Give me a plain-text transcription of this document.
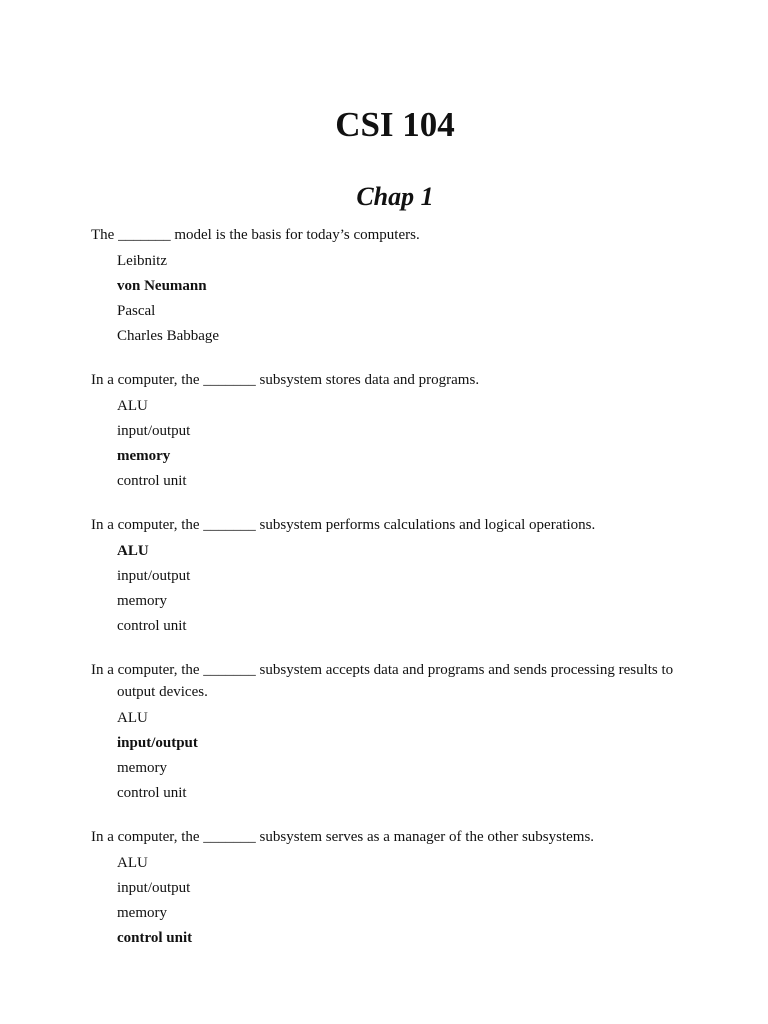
CSI 104
Chap 1

The _______ model is the basis for today’s computers.

Leibnitz
von Neumann
Pascal
Charles Babbage

In a computer, the _______ subsystem stores data and programs.

ALU
input/output
memory
control unit

In a computer, the _______ subsystem performs calculations and logical operations.

ALU
input/output
memory
control unit

In a computer, the _______ subsystem accepts data and programs and sends processing results to output devices.

ALU
input/output
memory
control unit

In a computer, the _______ subsystem serves as a manager of the other subsystems.

ALU
input/output
memory
control unit
